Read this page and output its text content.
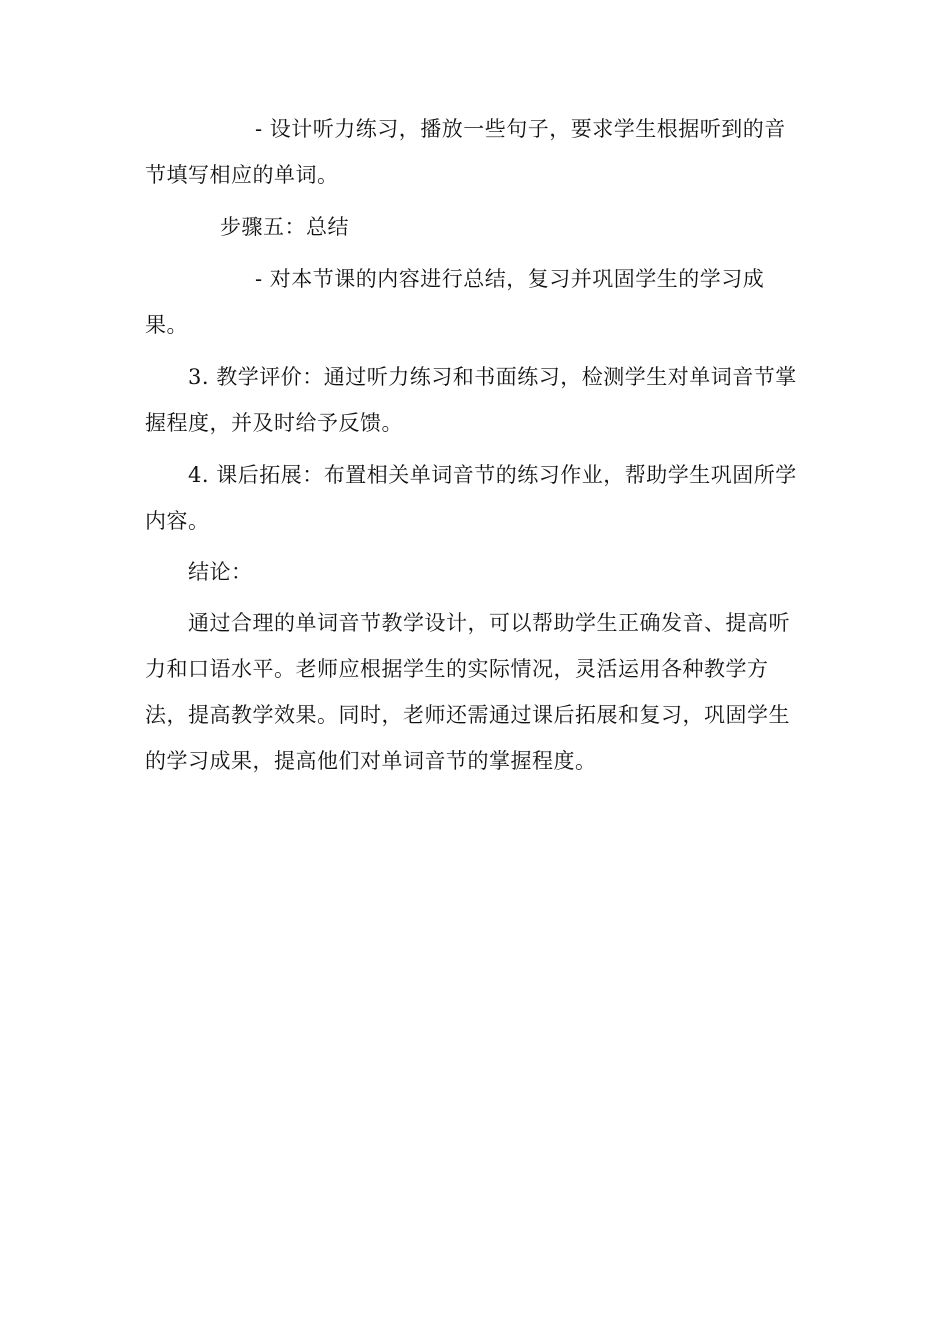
- 设计听力练习，播放一些句子，要求学生根据听到的音节填写相应的单词。

步骤五：总结

- 对本节课的内容进行总结，复习并巩固学生的学习成果。

3. 教学评价：通过听力练习和书面练习，检测学生对单词音节掌握程度，并及时给予反馈。

4. 课后拓展：布置相关单词音节的练习作业，帮助学生巩固所学内容。

结论：

通过合理的单词音节教学设计，可以帮助学生正确发音、提高听力和口语水平。老师应根据学生的实际情况，灵活运用各种教学方法，提高教学效果。同时，老师还需通过课后拓展和复习，巩固学生的学习成果，提高他们对单词音节的掌握程度。
